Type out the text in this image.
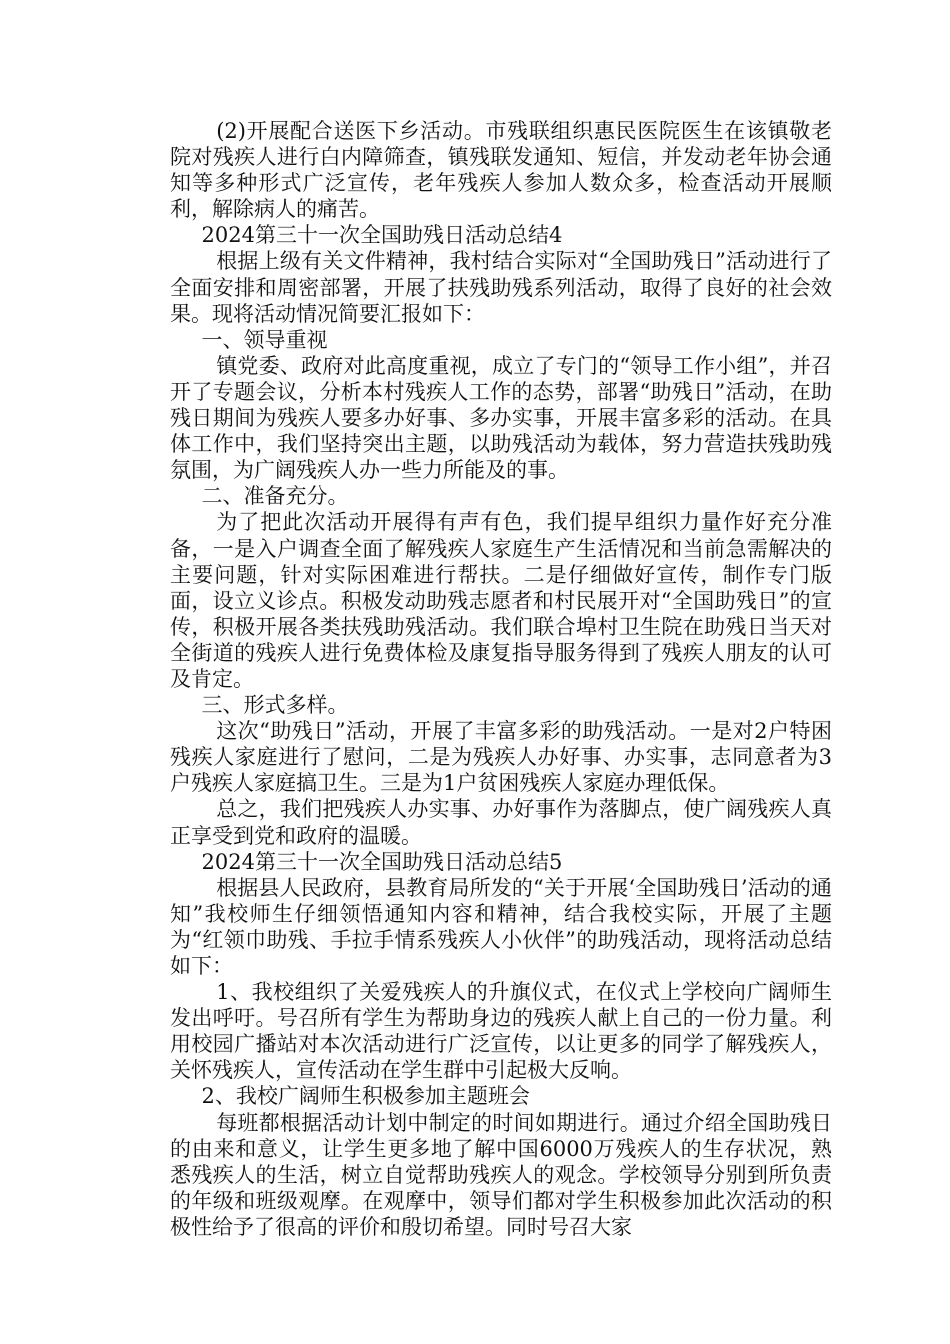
(2)开展配合送医下乡活动。市残联组织惠民医院医生在该镇敬老院对残疾人进行白内障筛查，镇残联发通知、短信，并发动老年协会通知等多种形式广泛宣传，老年残疾人参加人数众多，检查活动开展顺利，解除病人的痛苦。

2024第三十一次全国助残日活动总结4

根据上级有关文件精神，我村结合实际对“全国助残日”活动进行了全面安排和周密部署，开展了扶残助残系列活动，取得了良好的社会效果。现将活动情况简要汇报如下：

一、领导重视

镇党委、政府对此高度重视，成立了专门的“领导工作小组”，并召开了专题会议，分析本村残疾人工作的态势，部署“助残日”活动，在助残日期间为残疾人要多办好事、多办实事，开展丰富多彩的活动。在具体工作中，我们坚持突出主题，以助残活动为载体，努力营造扶残助残氛围，为广阔残疾人办一些力所能及的事。

二、准备充分。

为了把此次活动开展得有声有色，我们提早组织力量作好充分准备，一是入户调查全面了解残疾人家庭生产生活情况和当前急需解决的主要问题，针对实际困难进行帮扶。二是仔细做好宣传，制作专门版面，设立义诊点。积极发动助残志愿者和村民展开对“全国助残日”的宣传，积极开展各类扶残助残活动。我们联合埠村卫生院在助残日当天对全街道的残疾人进行免费体检及康复指导服务得到了残疾人朋友的认可及肯定。

三、形式多样。

这次“助残日”活动，开展了丰富多彩的助残活动。一是对2户特困残疾人家庭进行了慰问，二是为残疾人办好事、办实事，志同意者为3户残疾人家庭搞卫生。三是为1户贫困残疾人家庭办理低保。

总之，我们把残疾人办实事、办好事作为落脚点，使广阔残疾人真正享受到党和政府的温暖。

2024第三十一次全国助残日活动总结5

根据县人民政府，县教育局所发的“关于开展‘全国助残日’活动的通知”我校师生仔细领悟通知内容和精神，结合我校实际，开展了主题为“红领巾助残、手拉手情系残疾人小伙伴”的助残活动，现将活动总结如下：

1、我校组织了关爱残疾人的升旗仪式，在仪式上学校向广阔师生发出呼吁。号召所有学生为帮助身边的残疾人献上自己的一份力量。利用校园广播站对本次活动进行广泛宣传，以让更多的同学了解残疾人，关怀残疾人，宣传活动在学生群中引起极大反响。

2、我校广阔师生积极参加主题班会

每班都根据活动计划中制定的时间如期进行。通过介绍全国助残日的由来和意义，让学生更多地了解中国6000万残疾人的生存状况，熟悉残疾人的生活，树立自觉帮助残疾人的观念。学校领导分别到所负责的年级和班级观摩。在观摩中，领导们都对学生积极参加此次活动的积极性给予了很高的评价和殷切希望。同时号召大家
